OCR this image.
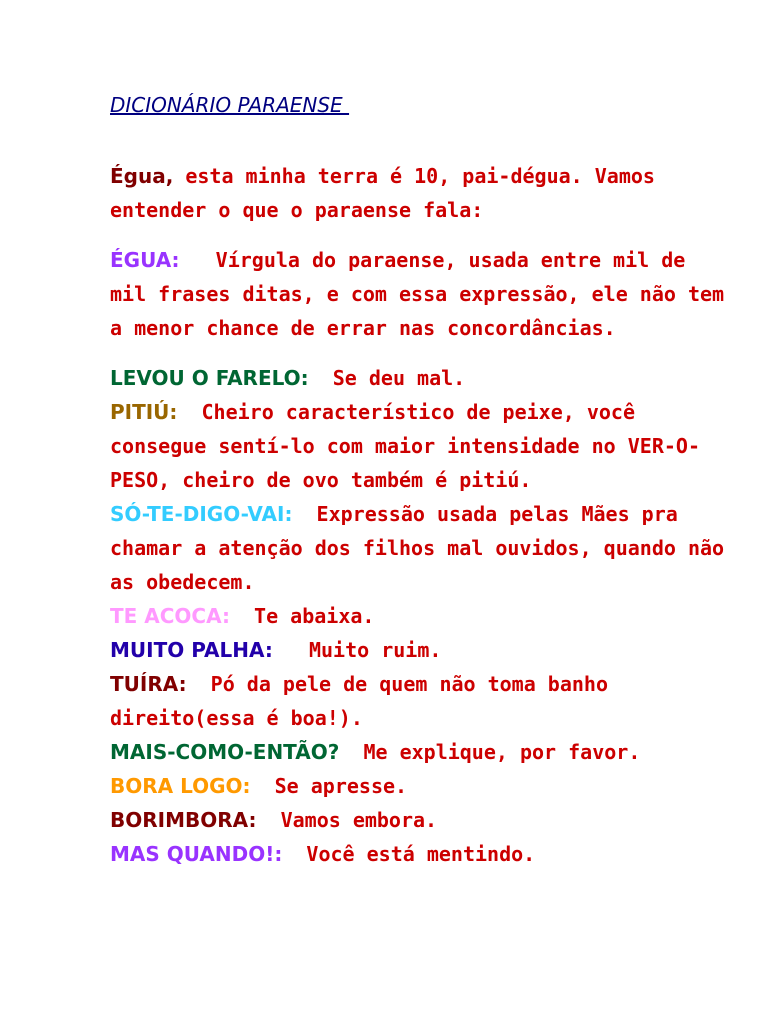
DICIONÁRIO PARAENSE

Égua, esta minha terra é 10, pai-dégua. Vamos entender o que o paraense fala:

ÉGUA:   Vírgula do paraense, usada entre mil de mil frases ditas, e com essa expressão, ele não tem a menor chance de errar nas concordâncias.

LEVOU O FARELO:  Se deu mal.

PITIÚ:  Cheiro característico de peixe, você consegue sentí-lo com maior intensidade no VER-O-PESO, cheiro de ovo também é pitiú.

SÓ-TE-DIGO-VAI:  Expressão usada pelas Mães pra chamar a atenção dos filhos mal ouvidos, quando não as obedecem.

TE ACOCA:  Te abaixa.

MUITO PALHA:   Muito ruim.

TUÍRA:  Pó da pele de quem não toma banho direito(essa é boa!).

MAIS-COMO-ENTÃO?  Me explique, por favor.

BORA LOGO:  Se apresse.

BORIMBORA:  Vamos embora.

MAS QUANDO!:  Você está mentindo.
